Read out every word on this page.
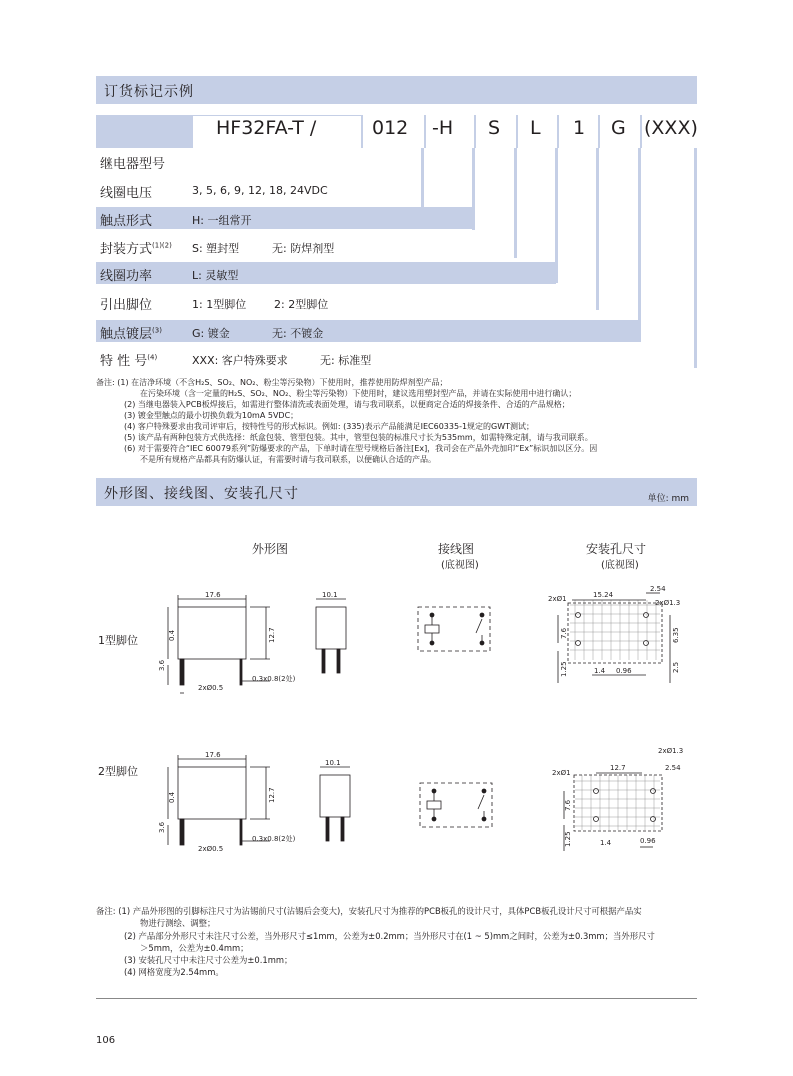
订货标记示例
HF32FA-T /	012 -H S L 1 G (XXX)
继电器型号
线圈电压	3, 5, 6, 9, 12, 18, 24VDC
触点形式	H: 一组常开
封装方式$^{(1)(2)}$ S: 塑封型	无: 防焊剂型
线圈功率	L: 灵敏型
引出脚位	1: 1型脚位	2: 2型脚位
触点镀层$^{(3)}$	G: 镀金	无: 不镀金
特 性 号$^{(4)}$	XXX: 客户特殊要求	无: 标准型
备注: (1) 在洁净环境（不含H₂S、SO₂、NO₂、粉尘等污染物）下使用时，推荐使用防焊剂型产品；
在污染环境（含一定量的H₂S、SO₂、NO₂、粉尘等污染物）下使用时，建议选用塑封型产品，并请在实际使用中进行确认；
(2) 当继电器装入PCB板焊接后，如需进行整体清洗或表面处理，请与我司联系，以便商定合适的焊接条件、合适的产品规格；
(3) 镀金型触点的最小切换负载为10mA 5VDC；
(4) 客户特殊要求由我司评审后，按特性号的形式标识。例如: (335)表示产品能满足IEC60335-1规定的GWT测试；
(5) 该产品有两种包装方式供选择：纸盒包装、管型包装。其中，管型包装的标准尺寸长为535mm，如需特殊定制，请与我司联系。
(6) 对于需要符合“IEC 60079系列”防爆要求的产品，下单时请在型号规格后备注[Ex]，我司会在产品外壳加印“Ex”标识加以区分。因
不是所有规格产品都具有防爆认证，有需要时请与我司联系，以便确认合适的产品。
外形图、接线图、安装孔尺寸	单位: mm
外形图	接线图
(底视图)
安装孔尺寸
(底视图)
1型脚位
2型脚位
17.6	10.1
2xØ0.5
0.3x0.8(2处)
15.24
2.54
2xØ1	2xØ1.3
1.4 0.96
17.6
10.1
2xØ0.5
0.3x0.8(2处)
12.7	2.54
2xØ1
2xØ1.3
1.4	0.96
12.7
0.4
3.6
7.6	6.35
1.25	2.5
12.7
0.4
3.6
7.6
1.25
备注: (1) 产品外形图的引脚标注尺寸为沾锡前尺寸(沾锡后会变大)，安装孔尺寸为推荐的PCB板孔的设计尺寸，具体PCB板孔设计尺寸可根据产品实
物进行测绘、调整；
(2) 产品部分外形尺寸未注尺寸公差，当外形尺寸≤1mm，公差为±0.2mm；当外形尺寸在(1 ~ 5)mm之间时，公差为±0.3mm；当外形尺寸
＞5mm，公差为±0.4mm；
(3) 安装孔尺寸中未注尺寸公差为±0.1mm；
(4) 网格宽度为2.54mm。
106
